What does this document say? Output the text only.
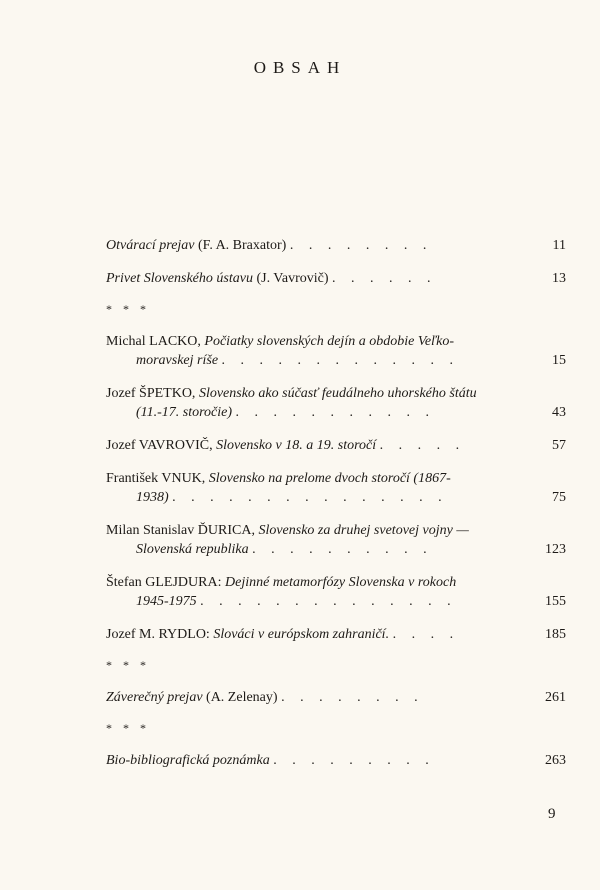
OBSAH
Otvárací prejav (F. A. Braxator) . . . . . . . .	11
Privet Slovenského ústavu (J. Vavrovič) . . . . . .	13
* * *
Michal LACKO, Počiatky slovenských dejín a obdobie Veľko-
moravskej ríše . . . . . . . . . . . . .	15
Jozef ŠPETKO, Slovensko ako súčasť feudálneho uhorského štátu
(11.-17. storočie) . . . . . . . . . . .	43
Jozef VAVROVIČ, Slovensko v 18. a 19. storočí . . . . .	57
František VNUK, Slovensko na prelome dvoch storočí (1867-
1938) . . . . . . . . . . . . . . .	75
Milan Stanislav ĎURICA, Slovensko za druhej svetovej vojny —
Slovenská republika . . . . . . . . . .	123
Štefan GLEJDURA: Dejinné metamorfózy Slovenska v rokoch
1945-1975 . . . . . . . . . . . . . .	155
Jozef M. RYDLO: Slováci v európskom zahraničí. . . . .	185
* * *
Záverečný prejav (A. Zelenay) . . . . . . . .	261
* * *
Bio-bibliografická poznámka . . . . . . . . .	263
9
